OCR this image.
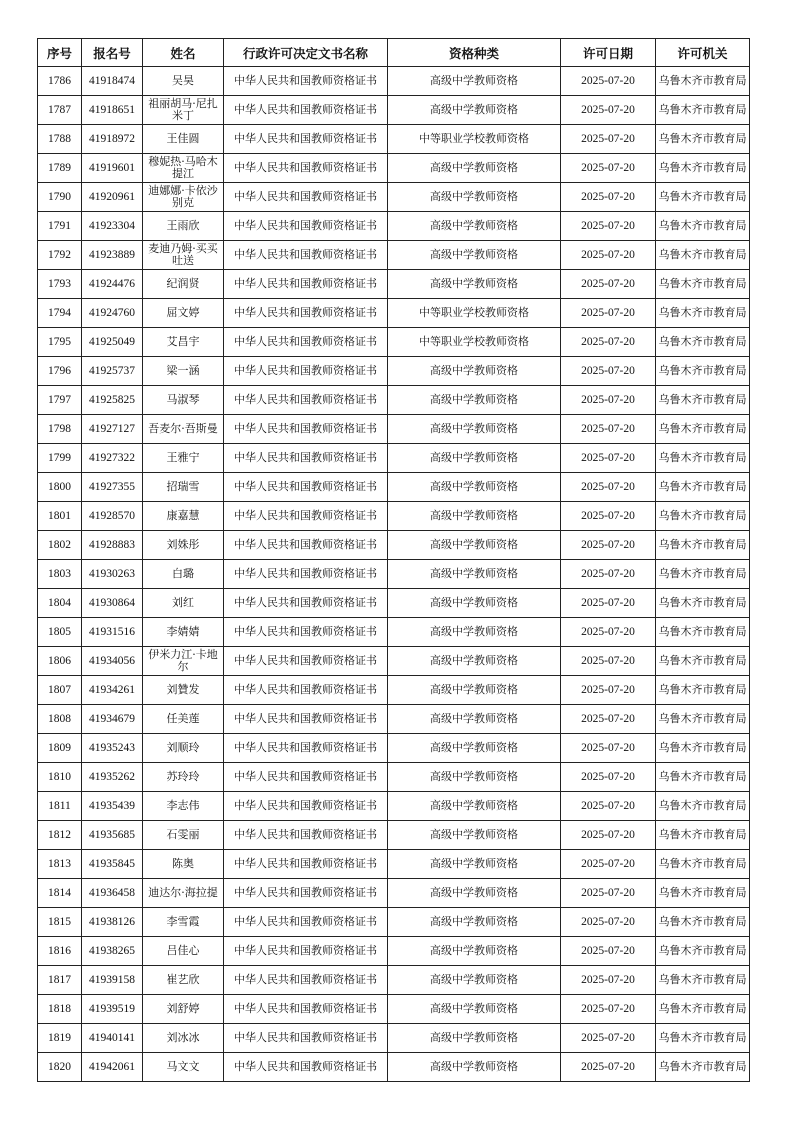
序号	报名号	姓名	行政许可决定文书名称	资格种类	许可日期	许可机关
1786	41918474	吴昊	中华人民共和国教师资格证书	高级中学教师资格	2025-07-20	乌鲁木齐市教育局
1787	41918651	祖丽胡马·尼扎米丁	中华人民共和国教师资格证书	高级中学教师资格	2025-07-20	乌鲁木齐市教育局
1788	41918972	王佳圆	中华人民共和国教师资格证书	中等职业学校教师资格	2025-07-20	乌鲁木齐市教育局
1789	41919601	穆妮热·马哈木提江	中华人民共和国教师资格证书	高级中学教师资格	2025-07-20	乌鲁木齐市教育局
1790	41920961	迪娜娜·卡依沙别克	中华人民共和国教师资格证书	高级中学教师资格	2025-07-20	乌鲁木齐市教育局
1791	41923304	王雨欣	中华人民共和国教师资格证书	高级中学教师资格	2025-07-20	乌鲁木齐市教育局
1792	41923889	麦迪乃姆·买买吐送	中华人民共和国教师资格证书	高级中学教师资格	2025-07-20	乌鲁木齐市教育局
1793	41924476	纪润贤	中华人民共和国教师资格证书	高级中学教师资格	2025-07-20	乌鲁木齐市教育局
1794	41924760	屈文婷	中华人民共和国教师资格证书	中等职业学校教师资格	2025-07-20	乌鲁木齐市教育局
1795	41925049	艾昌宇	中华人民共和国教师资格证书	中等职业学校教师资格	2025-07-20	乌鲁木齐市教育局
1796	41925737	梁一涵	中华人民共和国教师资格证书	高级中学教师资格	2025-07-20	乌鲁木齐市教育局
1797	41925825	马淑琴	中华人民共和国教师资格证书	高级中学教师资格	2025-07-20	乌鲁木齐市教育局
1798	41927127	吾麦尔·吾斯曼	中华人民共和国教师资格证书	高级中学教师资格	2025-07-20	乌鲁木齐市教育局
1799	41927322	王雅宁	中华人民共和国教师资格证书	高级中学教师资格	2025-07-20	乌鲁木齐市教育局
1800	41927355	招瑞雪	中华人民共和国教师资格证书	高级中学教师资格	2025-07-20	乌鲁木齐市教育局
1801	41928570	康嘉慧	中华人民共和国教师资格证书	高级中学教师资格	2025-07-20	乌鲁木齐市教育局
1802	41928883	刘姝彤	中华人民共和国教师资格证书	高级中学教师资格	2025-07-20	乌鲁木齐市教育局
1803	41930263	白璐	中华人民共和国教师资格证书	高级中学教师资格	2025-07-20	乌鲁木齐市教育局
1804	41930864	刘红	中华人民共和国教师资格证书	高级中学教师资格	2025-07-20	乌鲁木齐市教育局
1805	41931516	李婧婧	中华人民共和国教师资格证书	高级中学教师资格	2025-07-20	乌鲁木齐市教育局
1806	41934056	伊米力江·卡地尔	中华人民共和国教师资格证书	高级中学教师资格	2025-07-20	乌鲁木齐市教育局
1807	41934261	刘贊发	中华人民共和国教师资格证书	高级中学教师资格	2025-07-20	乌鲁木齐市教育局
1808	41934679	任美莲	中华人民共和国教师资格证书	高级中学教师资格	2025-07-20	乌鲁木齐市教育局
1809	41935243	刘顺玲	中华人民共和国教师资格证书	高级中学教师资格	2025-07-20	乌鲁木齐市教育局
1810	41935262	苏玲玲	中华人民共和国教师资格证书	高级中学教师资格	2025-07-20	乌鲁木齐市教育局
1811	41935439	李志伟	中华人民共和国教师资格证书	高级中学教师资格	2025-07-20	乌鲁木齐市教育局
1812	41935685	石雯丽	中华人民共和国教师资格证书	高级中学教师资格	2025-07-20	乌鲁木齐市教育局
1813	41935845	陈奥	中华人民共和国教师资格证书	高级中学教师资格	2025-07-20	乌鲁木齐市教育局
1814	41936458	迪达尔·海拉提	中华人民共和国教师资格证书	高级中学教师资格	2025-07-20	乌鲁木齐市教育局
1815	41938126	李雪霞	中华人民共和国教师资格证书	高级中学教师资格	2025-07-20	乌鲁木齐市教育局
1816	41938265	吕佳心	中华人民共和国教师资格证书	高级中学教师资格	2025-07-20	乌鲁木齐市教育局
1817	41939158	崔艺欣	中华人民共和国教师资格证书	高级中学教师资格	2025-07-20	乌鲁木齐市教育局
1818	41939519	刘舒婷	中华人民共和国教师资格证书	高级中学教师资格	2025-07-20	乌鲁木齐市教育局
1819	41940141	刘冰冰	中华人民共和国教师资格证书	高级中学教师资格	2025-07-20	乌鲁木齐市教育局
1820	41942061	马文文	中华人民共和国教师资格证书	高级中学教师资格	2025-07-20	乌鲁木齐市教育局
